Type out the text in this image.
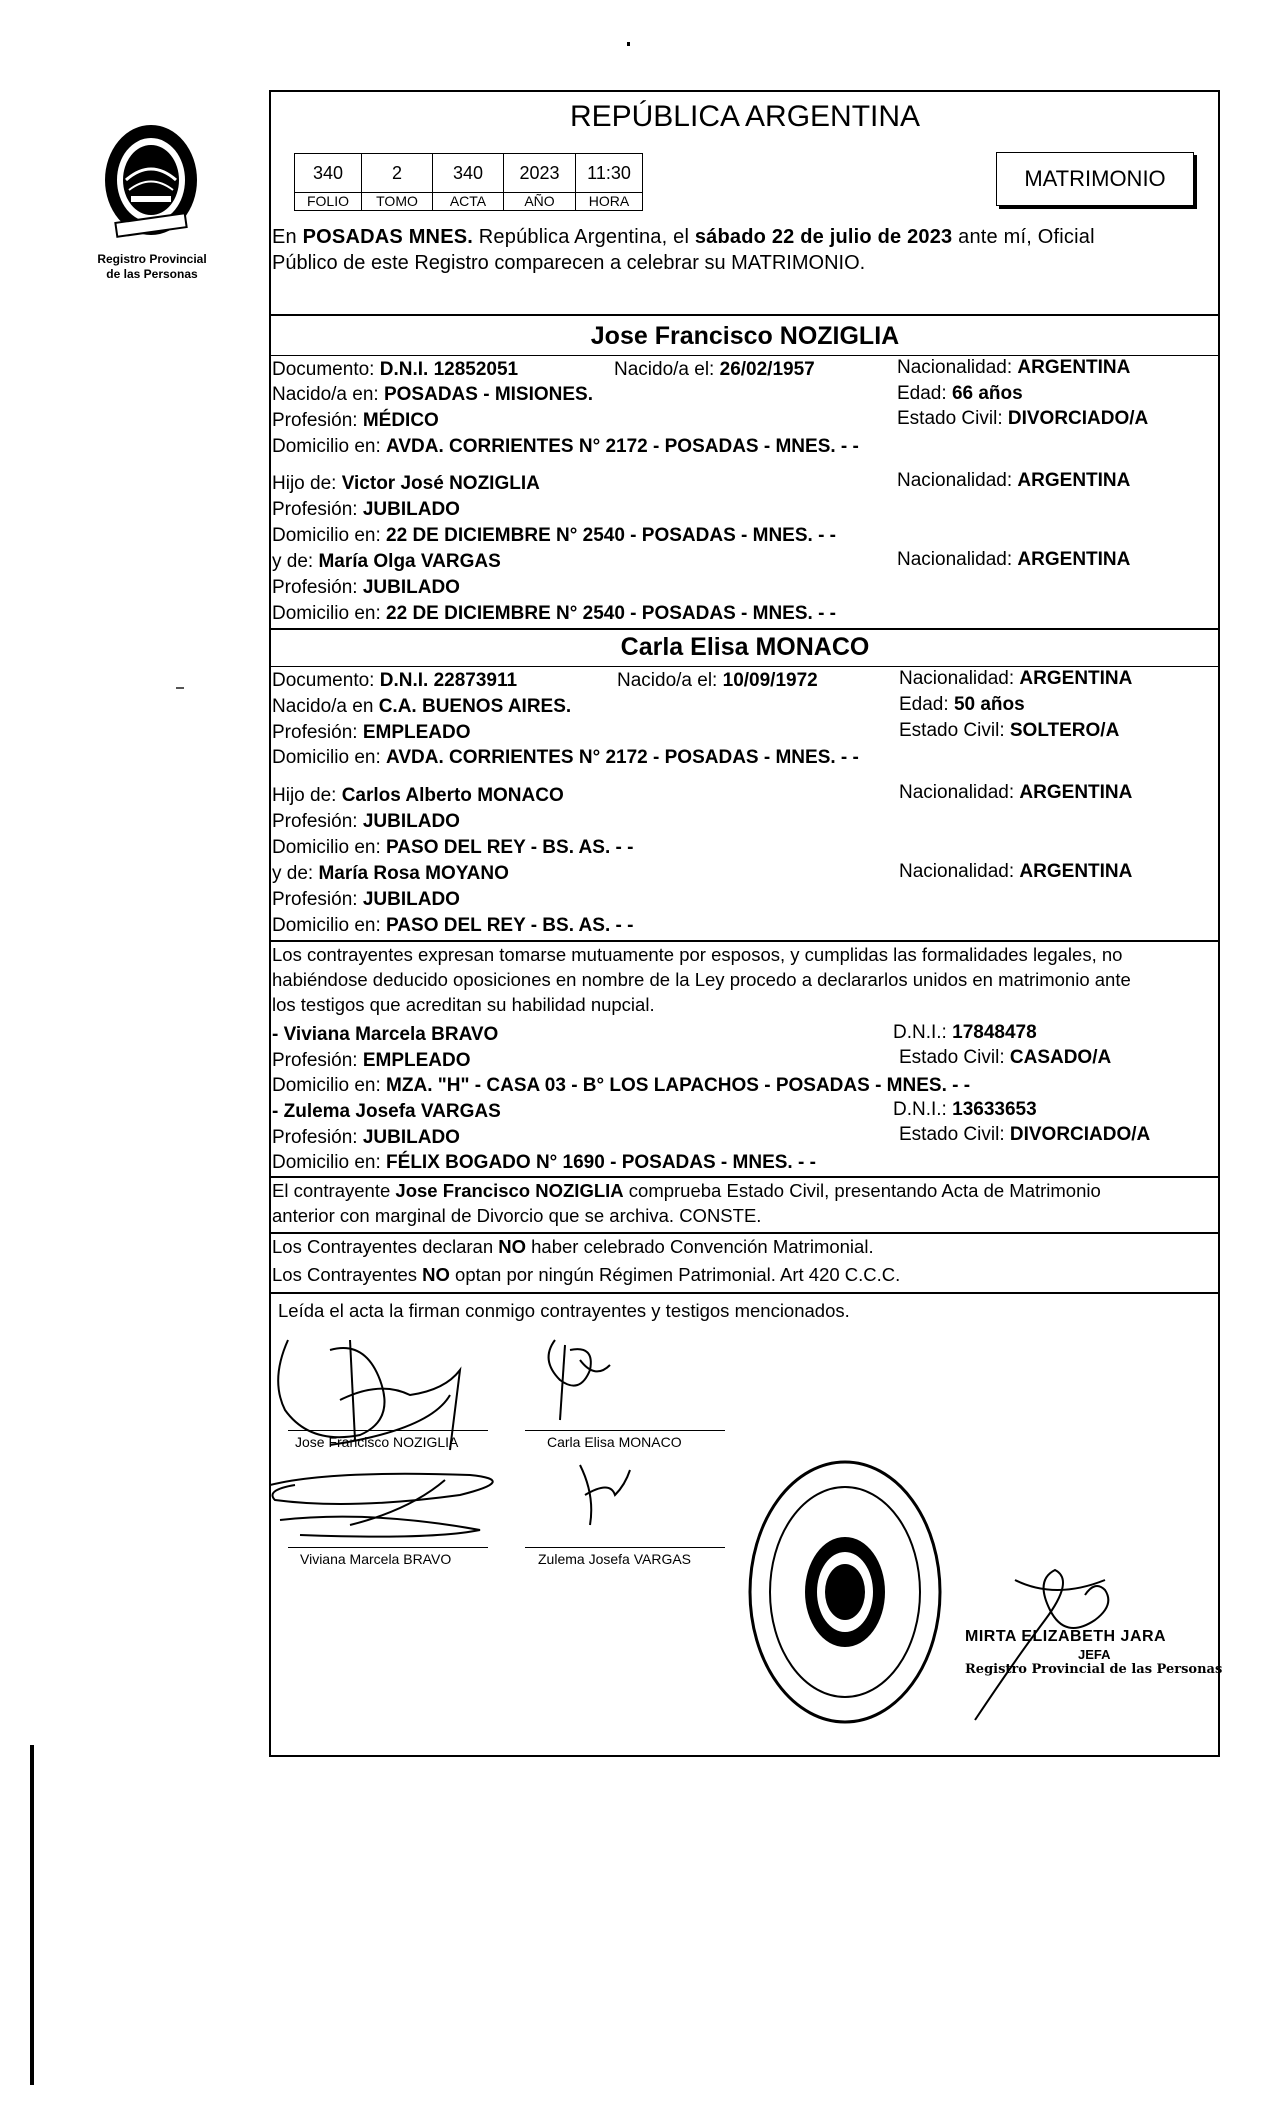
Registro Provincial
de las Personas
REPÚBLICA ARGENTINA
340	2	340	2023	11:30
FOLIO	TOMO	ACTA	AÑO	HORA
MATRIMONIO
En POSADAS MNES. República Argentina, el sábado 22 de julio de 2023 ante mí, Oficial
Público de este Registro comparecen a celebrar su MATRIMONIO.
Jose Francisco NOZIGLIA
Documento: D.N.I. 12852051	Nacido/a el: 26/02/1957	Nacionalidad: ARGENTINA
Nacido/a en: POSADAS - MISIONES.	Edad: 66 años
Profesión: MÉDICO	Estado Civil: DIVORCIADO/A
Domicilio en: AVDA. CORRIENTES N° 2172 - POSADAS - MNES. - -
Hijo de: Victor José NOZIGLIA	Nacionalidad: ARGENTINA
Profesión: JUBILADO
Domicilio en: 22 DE DICIEMBRE N° 2540 - POSADAS - MNES. - -
y de: María Olga VARGAS	Nacionalidad: ARGENTINA
Profesión: JUBILADO
Domicilio en: 22 DE DICIEMBRE N° 2540 - POSADAS - MNES. - -
Carla Elisa MONACO
Documento: D.N.I. 22873911	Nacido/a el: 10/09/1972	Nacionalidad: ARGENTINA
Nacido/a en C.A. BUENOS AIRES.	Edad: 50 años
Profesión: EMPLEADO	Estado Civil: SOLTERO/A
Domicilio en: AVDA. CORRIENTES N° 2172 - POSADAS - MNES. - -
Hijo de: Carlos Alberto MONACO	Nacionalidad: ARGENTINA
Profesión: JUBILADO
Domicilio en: PASO DEL REY - BS. AS. - -
y de: María Rosa MOYANO	Nacionalidad: ARGENTINA
Profesión: JUBILADO
Domicilio en: PASO DEL REY - BS. AS. - -
Los contrayentes expresan tomarse mutuamente por esposos, y cumplidas las formalidades legales, no
habiéndose deducido oposiciones en nombre de la Ley procedo a declararlos unidos en matrimonio ante
los testigos que acreditan su habilidad nupcial.
- Viviana Marcela BRAVO	D.N.I.: 17848478
Profesión: EMPLEADO	Estado Civil: CASADO/A
Domicilio en: MZA. "H" - CASA 03 - B° LOS LAPACHOS - POSADAS - MNES. - -
- Zulema Josefa VARGAS	D.N.I.: 13633653
Profesión: JUBILADO	Estado Civil: DIVORCIADO/A
Domicilio en: FÉLIX BOGADO N° 1690 - POSADAS - MNES. - -
El contrayente Jose Francisco NOZIGLIA comprueba Estado Civil, presentando Acta de Matrimonio
anterior con marginal de Divorcio que se archiva. CONSTE.
Los Contrayentes declaran NO haber celebrado Convención Matrimonial.
Los Contrayentes NO optan por ningún Régimen Patrimonial. Art 420 C.C.C.
Leída el acta la firman conmigo contrayentes y testigos mencionados.
Jose Francisco NOZIGLIA	Carla Elisa MONACO
Viviana Marcela BRAVO	Zulema Josefa VARGAS
MIRTA ELIZABETH JARA
JEFA
Registro Provincial de las Personas
